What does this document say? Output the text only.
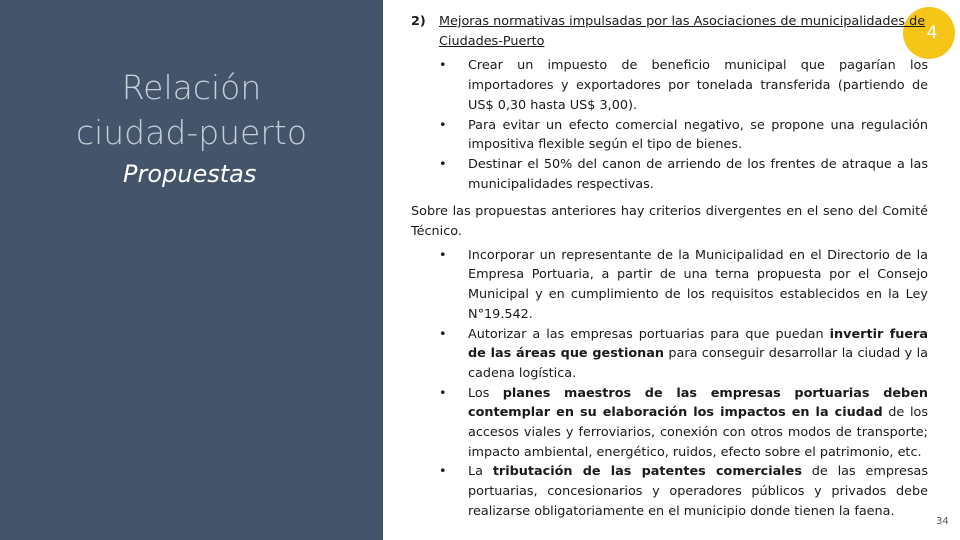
Relación
ciudad-puerto
Propuestas
4
2) Mejoras normativas impulsadas por las Asociaciones de municipalidades de Ciudades-Puerto
• Crear un impuesto de beneficio municipal que pagarían los importadores y exportadores por tonelada transferida (partiendo de US$ 0,30 hasta US$ 3,00).
• Para evitar un efecto comercial negativo, se propone una regulación impositiva flexible según el tipo de bienes.
• Destinar el 50% del canon de arriendo de los frentes de atraque a las municipalidades respectivas.
Sobre las propuestas anteriores hay criterios divergentes en el seno del Comité Técnico.
• Incorporar un representante de la Municipalidad en el Directorio de la Empresa Portuaria, a partir de una terna propuesta por el Consejo Municipal y en cumplimiento de los requisitos establecidos en la Ley N°19.542.
• Autorizar a las empresas portuarias para que puedan invertir fuera de las áreas que gestionan para conseguir desarrollar la ciudad y la cadena logística.
• Los planes maestros de las empresas portuarias deben contemplar en su elaboración los impactos en la ciudad de los accesos viales y ferroviarios, conexión con otros modos de transporte; impacto ambiental, energético, ruidos, efecto sobre el patrimonio, etc.
• La tributación de las patentes comerciales de las empresas portuarias, concesionarios y operadores públicos y privados debe realizarse obligatoriamente en el municipio donde tienen la faena.
34
